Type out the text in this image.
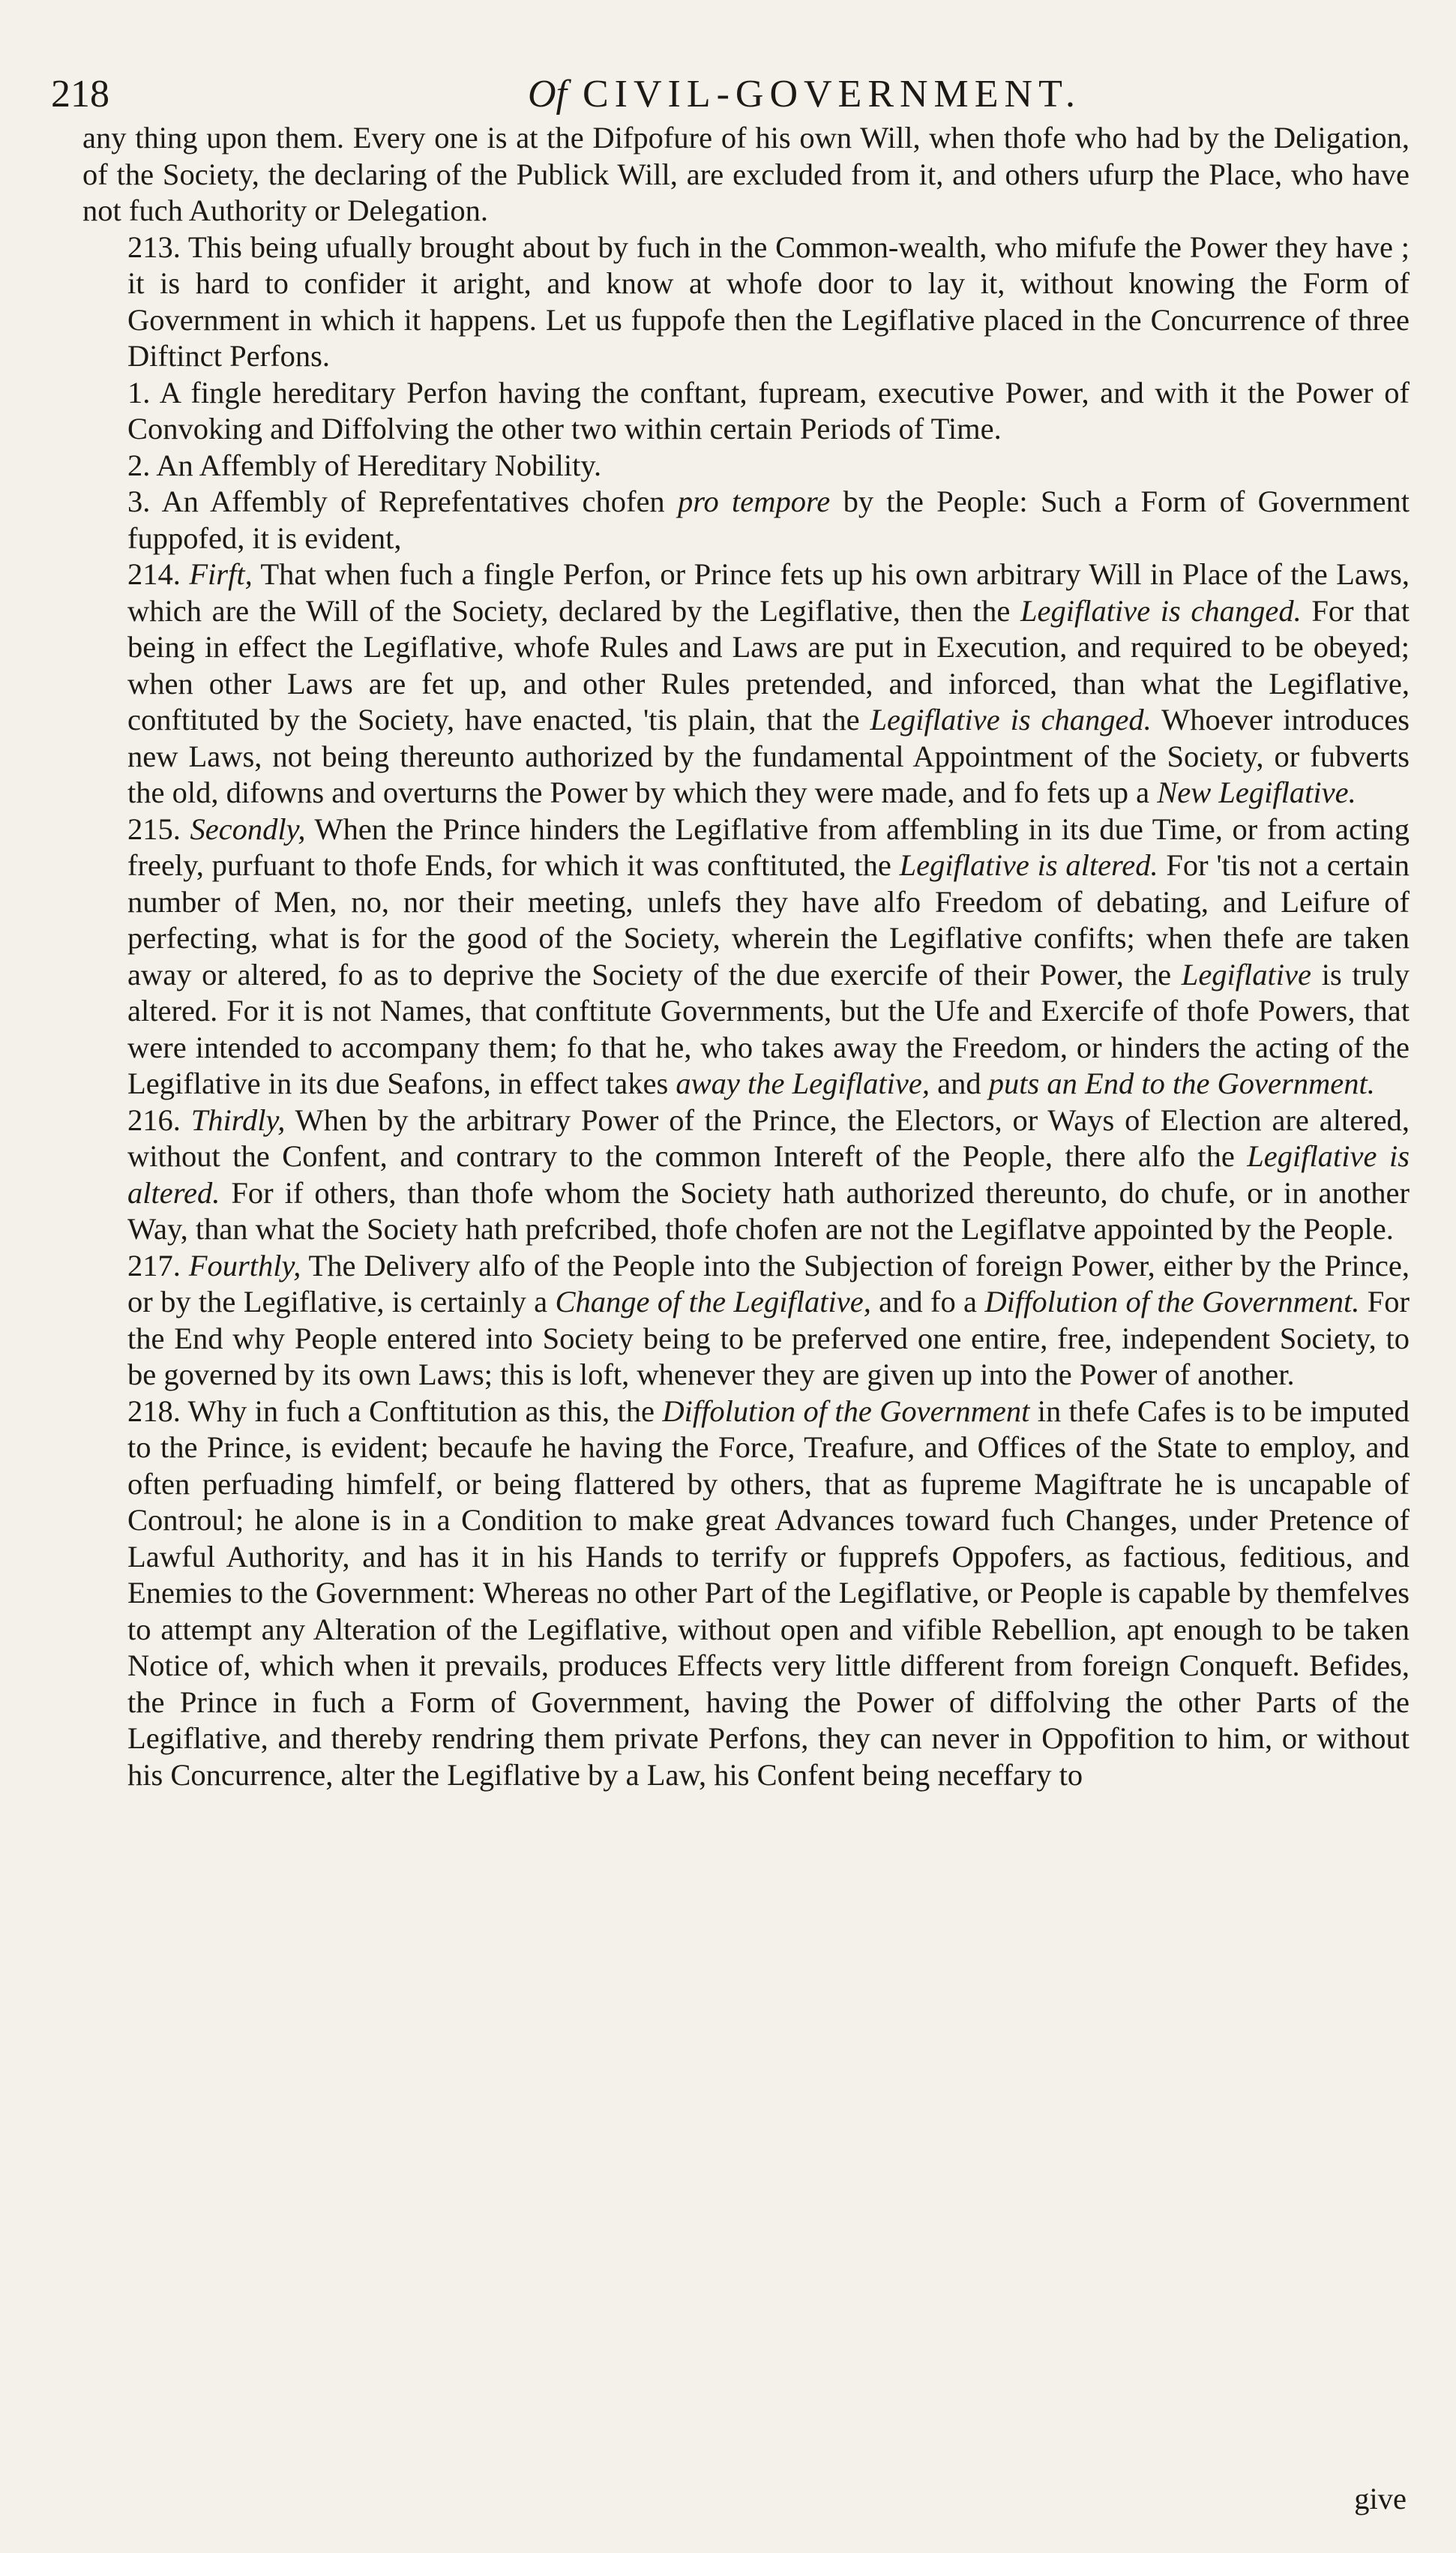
218	Of CIVIL-GOVERNMENT.

any thing upon them. Every one is at the Difpofure of his own Will, when thofe who had by the Deligation, of the Society, the declaring of the Publick Will, are excluded from it, and others ufurp the Place, who have not fuch Authority or Delegation.

213. This being ufually brought about by fuch in the Common-wealth, who mifufe the Power they have ; it is hard to confider it aright, and know at whofe door to lay it, without knowing the Form of Government in which it happens. Let us fuppofe then the Legiflative placed in the Concurrence of three Diftinct Perfons.

1. A fingle hereditary Perfon having the conftant, fupream, executive Power, and with it the Power of Convoking and Diffolving the other two within certain Periods of Time.

2. An Affembly of Hereditary Nobility.

3. An Affembly of Reprefentatives chofen pro tempore by the People: Such a Form of Government fuppofed, it is evident,

214. Firft, That when fuch a fingle Perfon, or Prince fets up his own arbitrary Will in Place of the Laws, which are the Will of the Society, declared by the Legiflative, then the Legiflative is changed. For that being in effect the Legiflative, whofe Rules and Laws are put in Execution, and required to be obeyed; when other Laws are fet up, and other Rules pretended, and inforced, than what the Legiflative, conftituted by the Society, have enacted, 'tis plain, that the Legiflative is changed. Whoever introduces new Laws, not being thereunto authorized by the fundamental Appointment of the Society, or fubverts the old, difowns and overturns the Power by which they were made, and fo fets up a New Legiflative.

215. Secondly, When the Prince hinders the Legiflative from affembling in its due Time, or from acting freely, purfuant to thofe Ends, for which it was conftituted, the Legiflative is altered. For 'tis not a certain number of Men, no, nor their meeting, unlefs they have alfo Freedom of debating, and Leifure of perfecting, what is for the good of the Society, wherein the Legiflative confifts; when thefe are taken away or altered, fo as to deprive the Society of the due exercife of their Power, the Legiflative is truly altered. For it is not Names, that conftitute Governments, but the Ufe and Exercife of thofe Powers, that were intended to accompany them; fo that he, who takes away the Freedom, or hinders the acting of the Legiflative in its due Seafons, in effect takes away the Legiflative, and puts an End to the Government.

216. Thirdly, When by the arbitrary Power of the Prince, the Electors, or Ways of Election are altered, without the Confent, and contrary to the common Intereft of the People, there alfo the Legiflative is altered. For if others, than thofe whom the Society hath authorized thereunto, do chufe, or in another Way, than what the Society hath prefcribed, thofe chofen are not the Legiflatve appointed by the People.

217. Fourthly, The Delivery alfo of the People into the Subjection of foreign Power, either by the Prince, or by the Legiflative, is certainly a Change of the Legiflative, and fo a Diffolution of the Government. For the End why People entered into Society being to be preferved one entire, free, independent Society, to be governed by its own Laws; this is loft, whenever they are given up into the Power of another.

218. Why in fuch a Conftitution as this, the Diffolution of the Government in thefe Cafes is to be imputed to the Prince, is evident; becaufe he having the Force, Treafure, and Offices of the State to employ, and often perfuading himfelf, or being flattered by others, that as fupreme Magiftrate he is uncapable of Controul; he alone is in a Condition to make great Advances toward fuch Changes, under Pretence of Lawful Authority, and has it in his Hands to terrify or fupprefs Oppofers, as factious, feditious, and Enemies to the Government: Whereas no other Part of the Legiflative, or People is capable by themfelves to attempt any Alteration of the Legiflative, without open and vifible Rebellion, apt enough to be taken Notice of, which when it prevails, produces Effects very little different from foreign Conqueft. Befides, the Prince in fuch a Form of Government, having the Power of diffolving the other Parts of the Legiflative, and thereby rendring them private Perfons, they can never in Oppofition to him, or without his Concurrence, alter the Legiflative by a Law, his Confent being neceffary to

give
